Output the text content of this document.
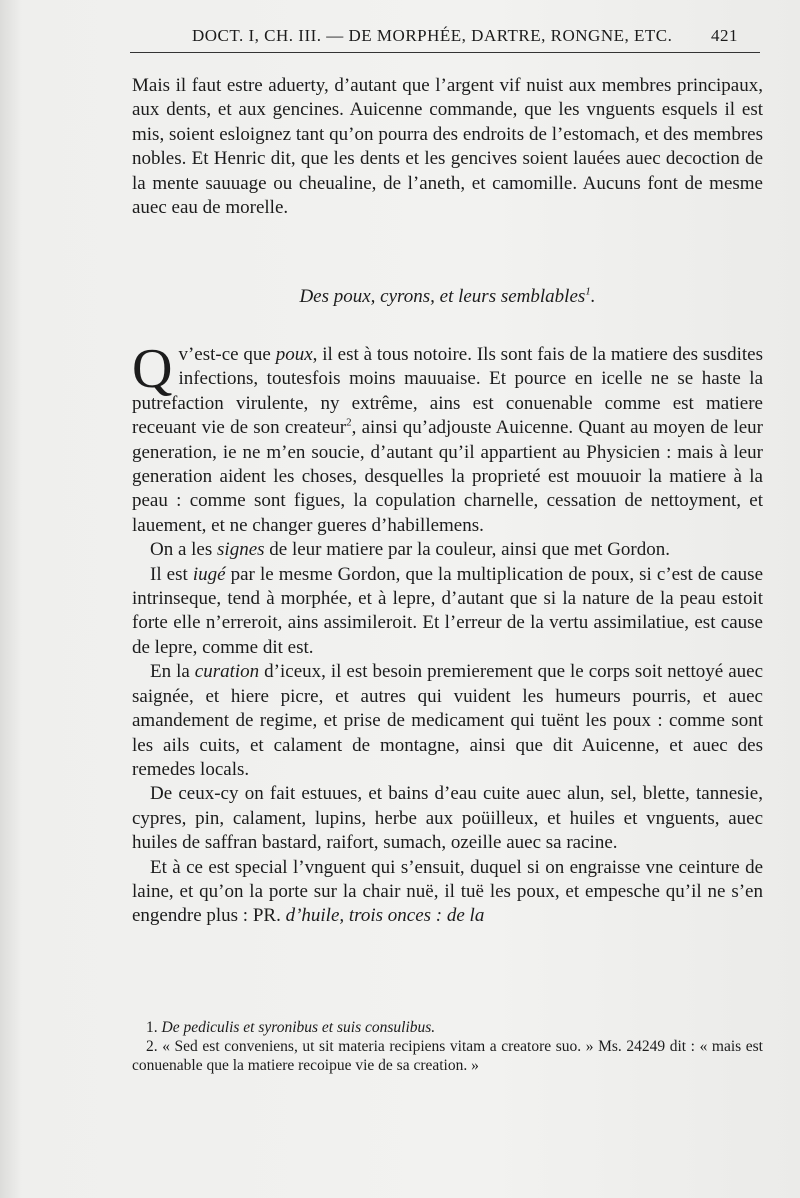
DOCT. I, CH. III. — DE MORPHÉE, DARTRE, RONGNE, ETC. 421

Mais il faut estre aduerty, d’autant que l’argent vif nuist aux membres principaux, aux dents, et aux gencines. Auicenne commande, que les vnguents esquels il est mis, soient esloignez tant qu’on pourra des endroits de l’estomach, et des membres nobles. Et Henric dit, que les dents et les gencives soient lauées auec decoction de la mente sauuage ou cheualine, de l’aneth, et camomille. Aucuns font de mesme auec eau de morelle.

Des poux, cyrons, et leurs semblables$^1$.

Qv’est-ce que poux, il est à tous notoire. Ils sont fais de la matiere des susdites infections, toutesfois moins mauuaise. Et pource en icelle ne se haste la putrefaction virulente, ny extrême, ains est conuenable comme est matiere receuant vie de son createur$^2$, ainsi qu’adjouste Auicenne. Quant au moyen de leur generation, ie ne m’en soucie, d’autant qu’il appartient au Physicien : mais à leur generation aident les choses, desquelles la proprieté est mouuoir la matiere à la peau : comme sont figues, la copulation charnelle, cessation de nettoyment, et lauement, et ne changer gueres d’habillemens.

On a les signes de leur matiere par la couleur, ainsi que met Gordon.

Il est iugé par le mesme Gordon, que la multiplication de poux, si c’est de cause intrinseque, tend à morphée, et à lepre, d’autant que si la nature de la peau estoit forte elle n’erreroit, ains assimileroit. Et l’erreur de la vertu assimilatiue, est cause de lepre, comme dit est.

En la curation d’iceux, il est besoin premierement que le corps soit nettoyé auec saignée, et hiere picre, et autres qui vuident les humeurs pourris, et auec amandement de regime, et prise de medicament qui tuënt les poux : comme sont les ails cuits, et calament de montagne, ainsi que dit Auicenne, et auec des remedes locals.

De ceux-cy on fait estuues, et bains d’eau cuite auec alun, sel, blette, tannesie, cypres, pin, calament, lupins, herbe aux poüilleux, et huiles et vnguents, auec huiles de saffran bastard, raifort, sumach, ozeille auec sa racine.

Et à ce est special l’vnguent qui s’ensuit, duquel si on engraisse vne ceinture de laine, et qu’on la porte sur la chair nuë, il tuë les poux, et empesche qu’il ne s’en engendre plus : PR. d’huile, trois onces : de la

1. De pediculis et syronibus et suis consulibus.

2. « Sed est conveniens, ut sit materia recipiens vitam a creatore suo. » Ms. 24249 dit : « mais est conuenable que la matiere recoipue vie de sa creation. »
